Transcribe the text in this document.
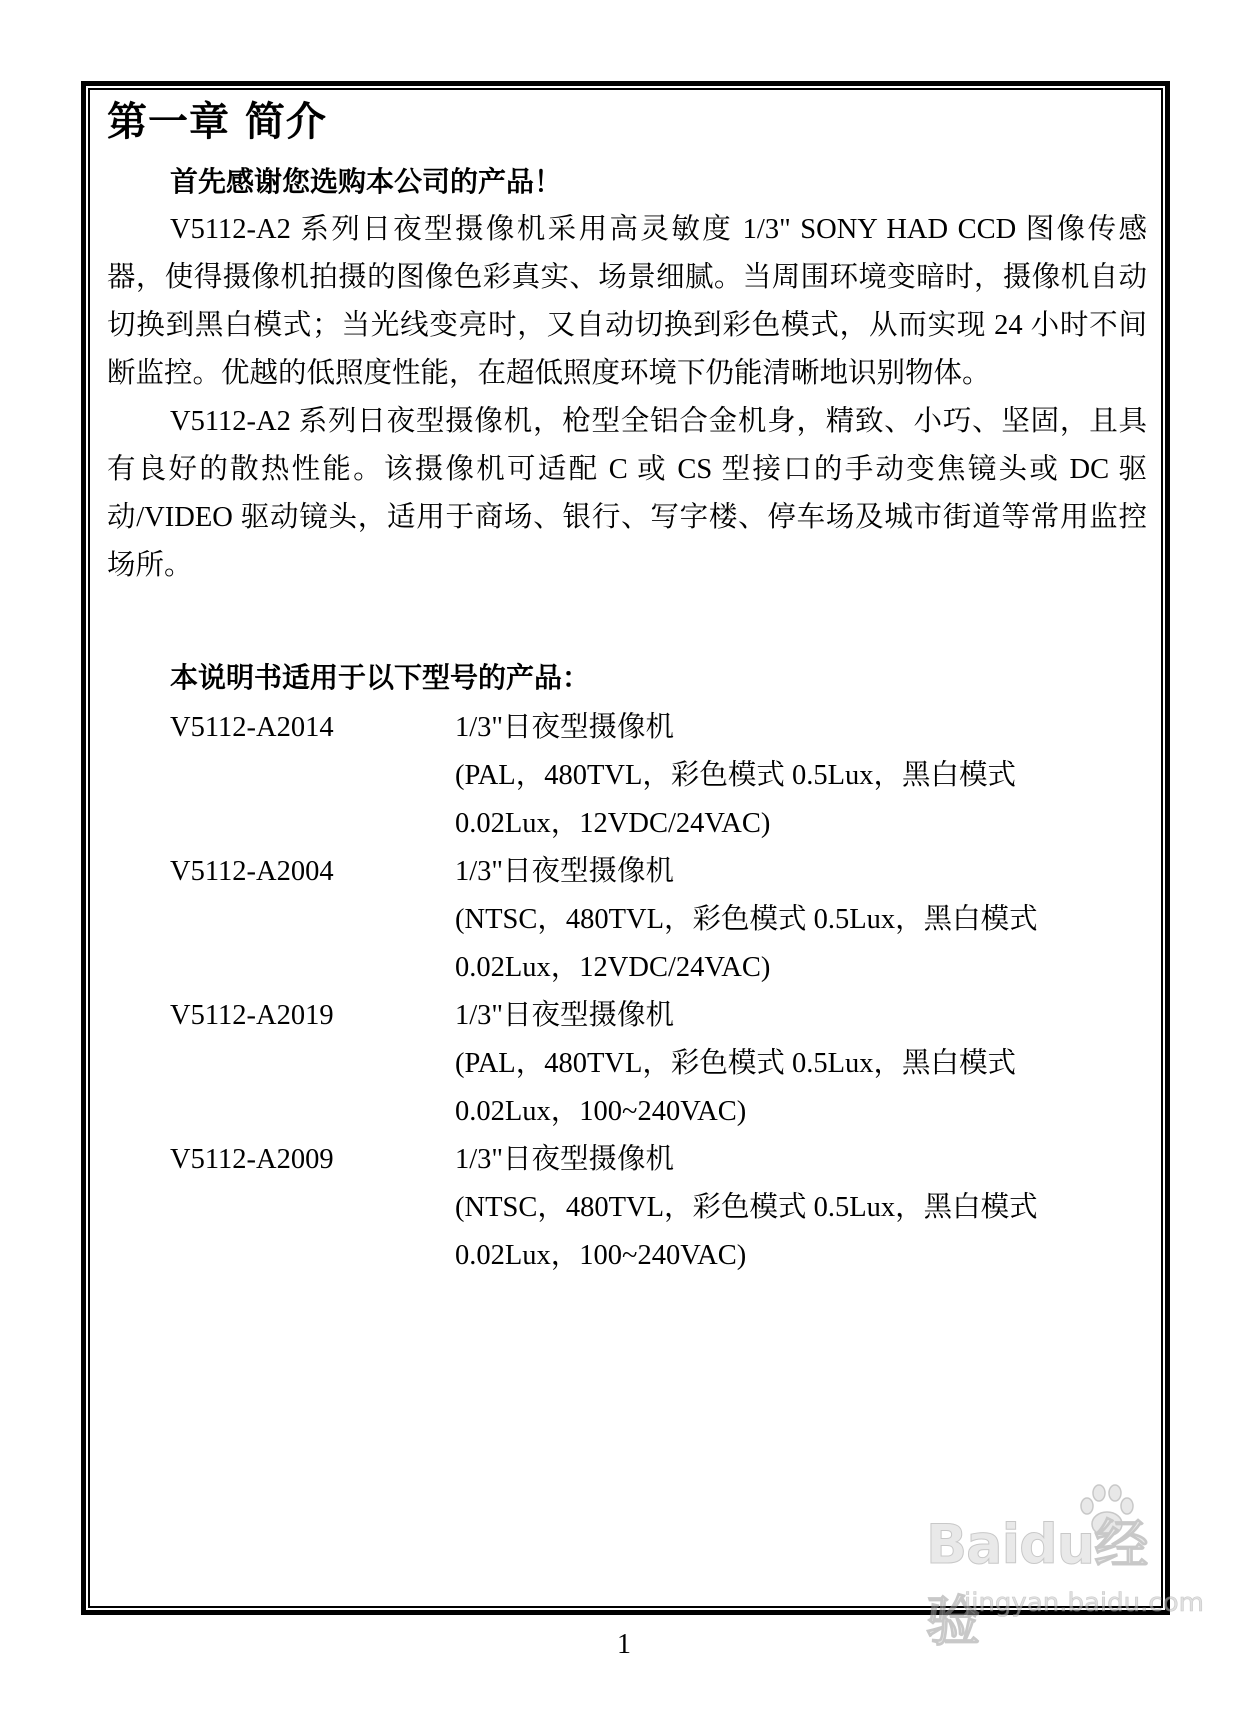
第一章 简介
首先感谢您选购本公司的产品！

V5112-A2 系列日夜型摄像机采用高灵敏度 1/3" SONY HAD CCD 图像传感器，使得摄像机拍摄的图像色彩真实、场景细腻。当周围环境变暗时，摄像机自动切换到黑白模式；当光线变亮时，又自动切换到彩色模式，从而实现 24 小时不间断监控。优越的低照度性能，在超低照度环境下仍能清晰地识别物体。

V5112-A2 系列日夜型摄像机，枪型全铝合金机身，精致、小巧、坚固，且具有良好的散热性能。该摄像机可适配 C 或 CS 型接口的手动变焦镜头或 DC 驱动/VIDEO 驱动镜头，适用于商场、银行、写字楼、停车场及城市街道等常用监控场所。

本说明书适用于以下型号的产品：
V5112-A2014	1/3"日夜型摄像机
(PAL，480TVL，彩色模式 0.5Lux，黑白模式
0.02Lux，12VDC/24VAC)
V5112-A2004	1/3"日夜型摄像机
(NTSC，480TVL，彩色模式 0.5Lux，黑白模式
0.02Lux，12VDC/24VAC)
V5112-A2019	1/3"日夜型摄像机
(PAL，480TVL，彩色模式 0.5Lux，黑白模式
0.02Lux，100~240VAC)
V5112-A2009	1/3"日夜型摄像机
(NTSC，480TVL，彩色模式 0.5Lux，黑白模式
0.02Lux，100~240VAC)
1
Baidu经验
jingyan.baidu.com
